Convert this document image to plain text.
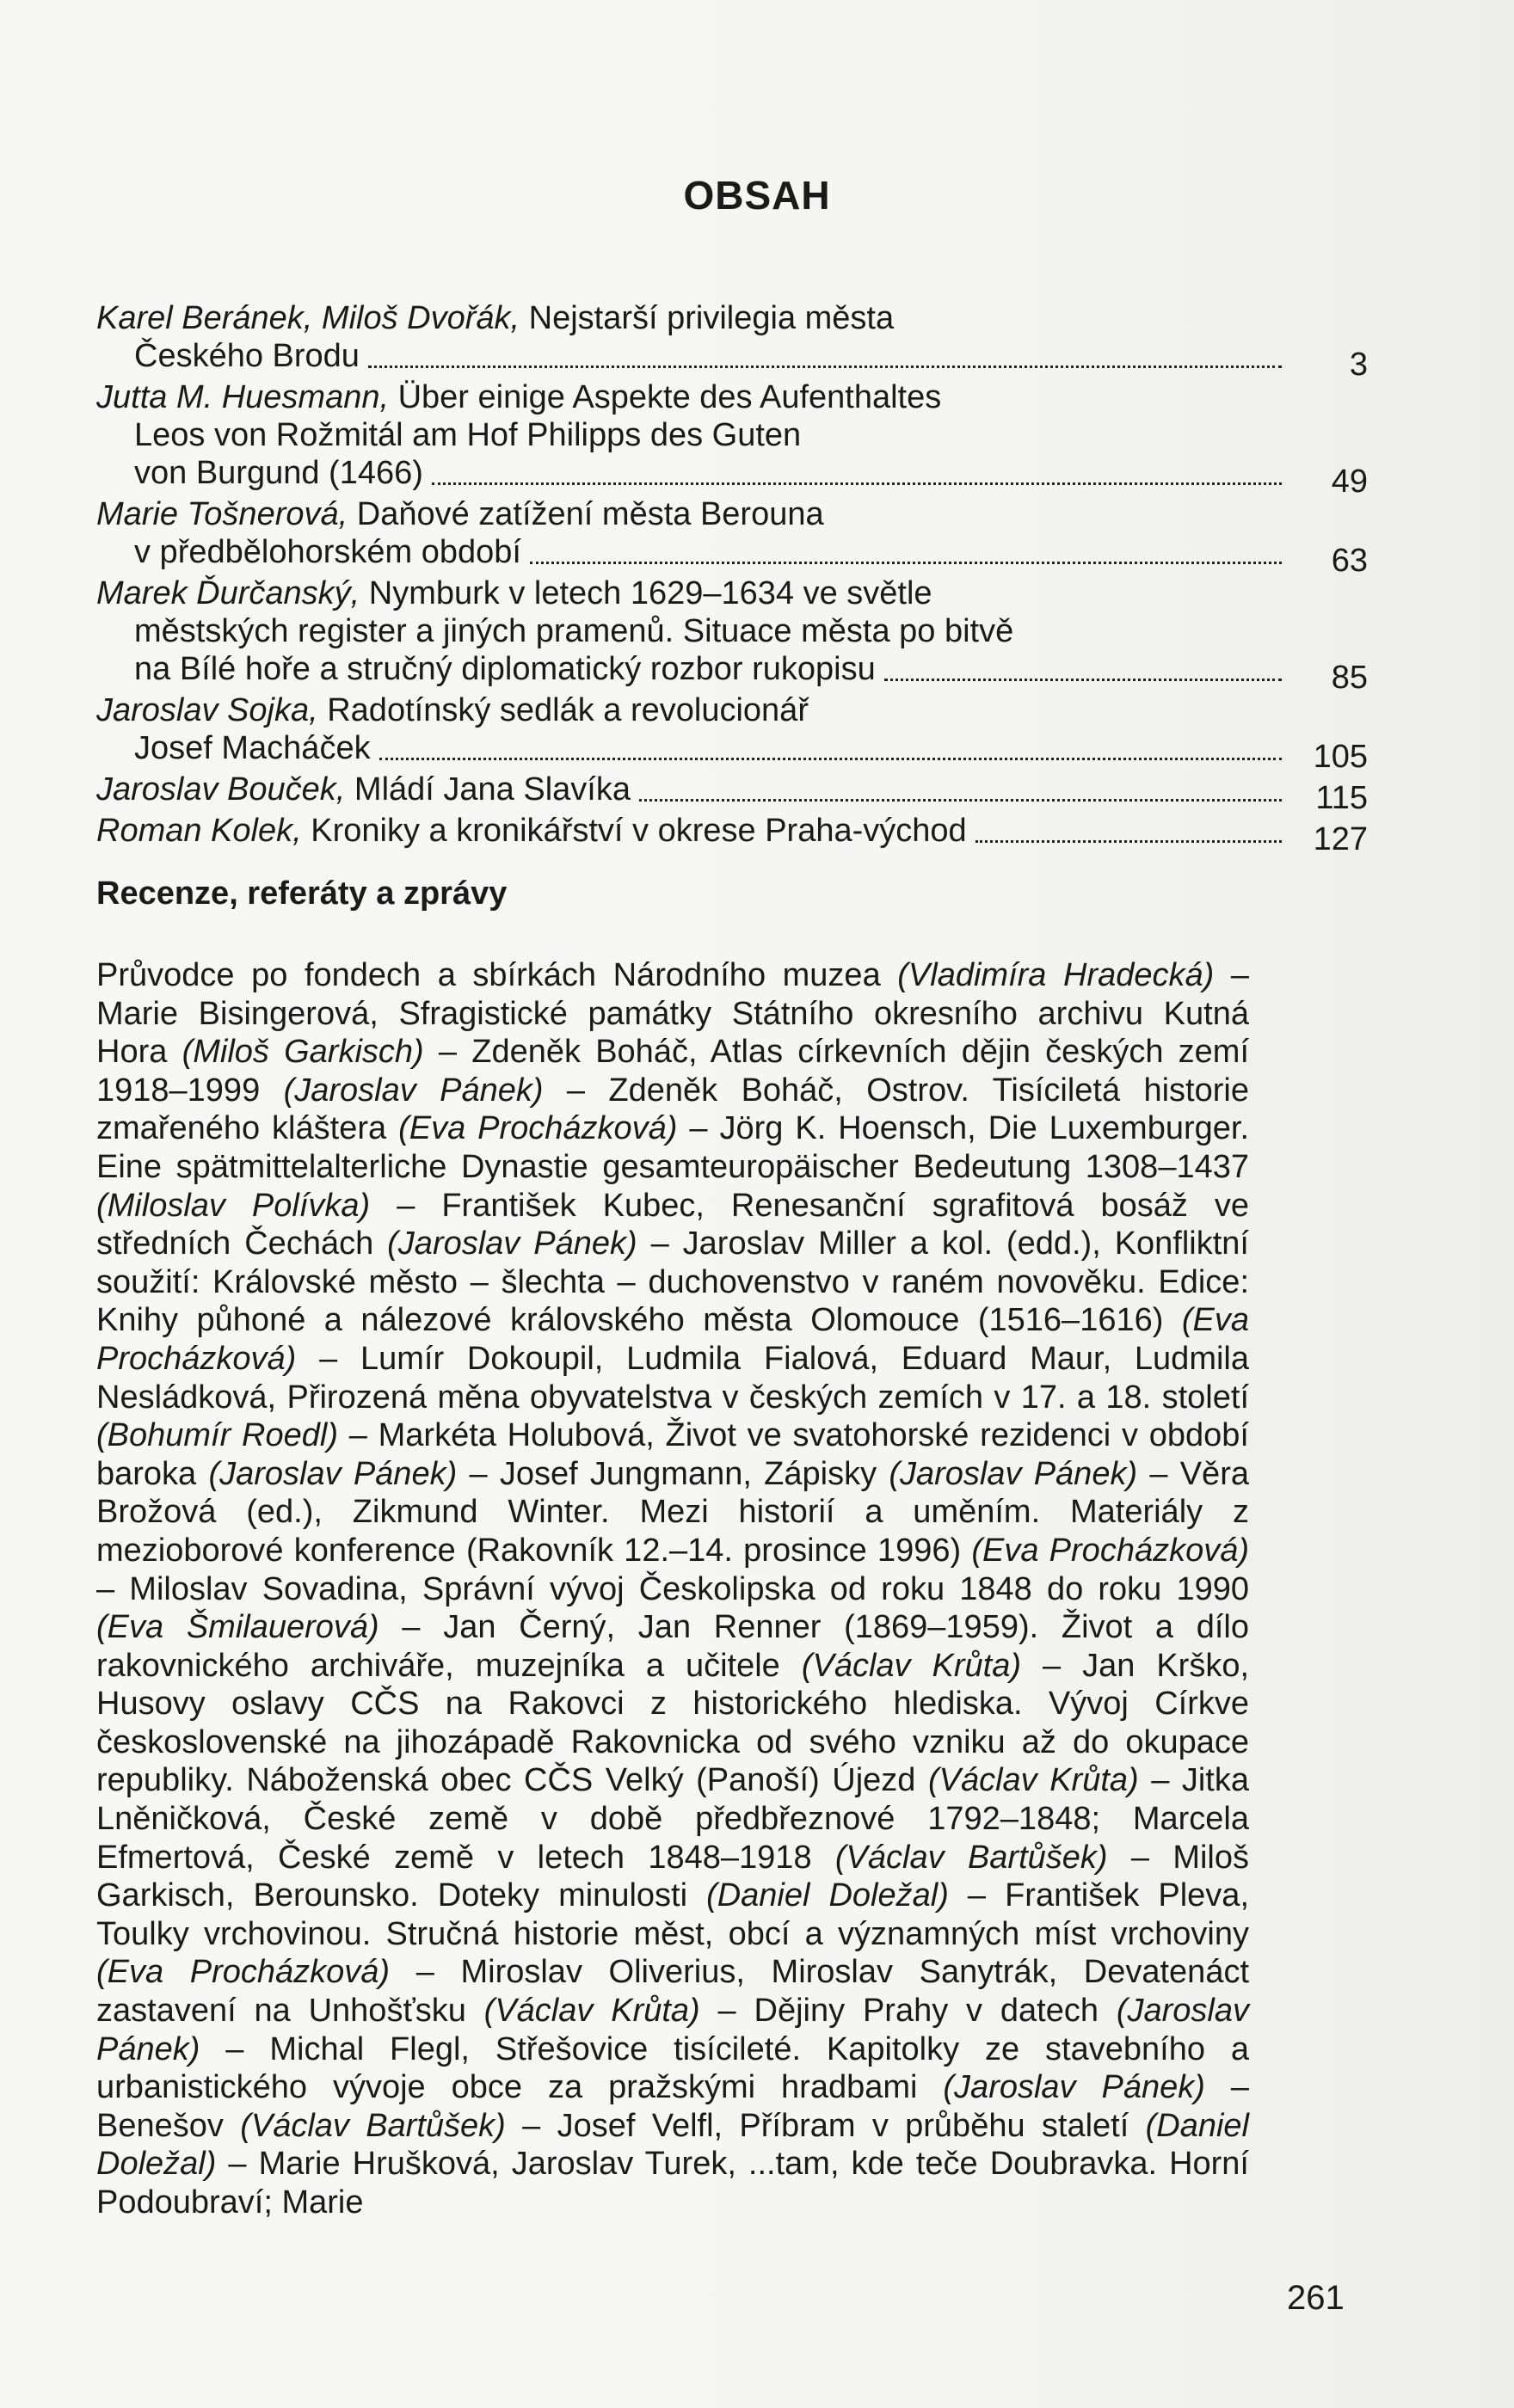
OBSAH
Karel Beránek, Miloš Dvořák, Nejstarší privilegia města
Českého Brodu	3
Jutta M. Huesmann, Über einige Aspekte des Aufenthaltes
Leos von Rožmitál am Hof Philipps des Guten
von Burgund (1466)	49
Marie Tošnerová, Daňové zatížení města Berouna
v předbělohorském období	63
Marek Ďurčanský, Nymburk v letech 1629–1634 ve světle
městských register a jiných pramenů. Situace města po bitvě
na Bílé hoře a stručný diplomatický rozbor rukopisu	85
Jaroslav Sojka, Radotínský sedlák a revolucionář
Josef Macháček	105
Jaroslav Bouček, Mládí Jana Slavíka	115
Roman Kolek, Kroniky a kronikářství v okrese Praha-východ	127
Recenze, referáty a zprávy
Průvodce po fondech a sbírkách Národního muzea (Vladimíra Hradecká) – Marie Bisingerová, Sfragistické památky Státního okresního archivu Kutná Hora (Miloš Garkisch) – Zdeněk Boháč, Atlas církevních dějin českých zemí 1918–1999 (Jaroslav Pánek) – Zdeněk Boháč, Ostrov. Tisíciletá historie zmařeného kláštera (Eva Procházková) – Jörg K. Hoensch, Die Luxemburger. Eine spätmittelalterliche Dynastie gesamteuropäischer Bedeutung 1308–1437 (Miloslav Polívka) – František Kubec, Renesanční sgrafitová bosáž ve středních Čechách (Jaroslav Pánek) – Jaroslav Miller a kol. (edd.), Konfliktní soužití: Královské město – šlechta – duchovenstvo v raném novověku. Edice: Knihy půhoné a nálezové královského města Olomouce (1516–1616) (Eva Procházková) – Lumír Dokoupil, Ludmila Fialová, Eduard Maur, Ludmila Nesládková, Přirozená měna obyvatelstva v českých zemích v 17. a 18. století (Bohumír Roedl) – Markéta Holubová, Život ve svatohorské rezidenci v období baroka (Jaroslav Pánek) – Josef Jungmann, Zápisky (Jaroslav Pánek) – Věra Brožová (ed.), Zikmund Winter. Mezi historií a uměním. Materiály z mezioborové konference (Rakovník 12.–14. prosince 1996) (Eva Procházková) – Miloslav Sovadina, Správní vývoj Českolipska od roku 1848 do roku 1990 (Eva Šmilauerová) – Jan Černý, Jan Renner (1869–1959). Život a dílo rakovnického archiváře, muzejníka a učitele (Václav Krůta) – Jan Krško, Husovy oslavy CČS na Rakovci z historického hlediska. Vývoj Církve československé na jihozápadě Rakovnicka od svého vzniku až do okupace republiky. Náboženská obec CČS Velký (Panoší) Újezd (Václav Krůta) – Jitka Lněničková, České země v době předbřeznové 1792–1848; Marcela Efmertová, České země v letech 1848–1918 (Václav Bartůšek) – Miloš Garkisch, Berounsko. Doteky minulosti (Daniel Doležal) – František Pleva, Toulky vrchovinou. Stručná historie měst, obcí a významných míst vrchoviny (Eva Procházková) – Miroslav Oliverius, Miroslav Sanytrák, Devatenáct zastavení na Unhošťsku (Václav Krůta) – Dějiny Prahy v datech (Jaroslav Pánek) – Michal Flegl, Střešovice tisícileté. Kapitolky ze stavebního a urbanistického vývoje obce za pražskými hradbami (Jaroslav Pánek) – Benešov (Václav Bartůšek) – Josef Velfl, Příbram v průběhu staletí (Daniel Doležal) – Marie Hrušková, Jaroslav Turek, ...tam, kde teče Doubravka. Horní Podoubraví; Marie
261
